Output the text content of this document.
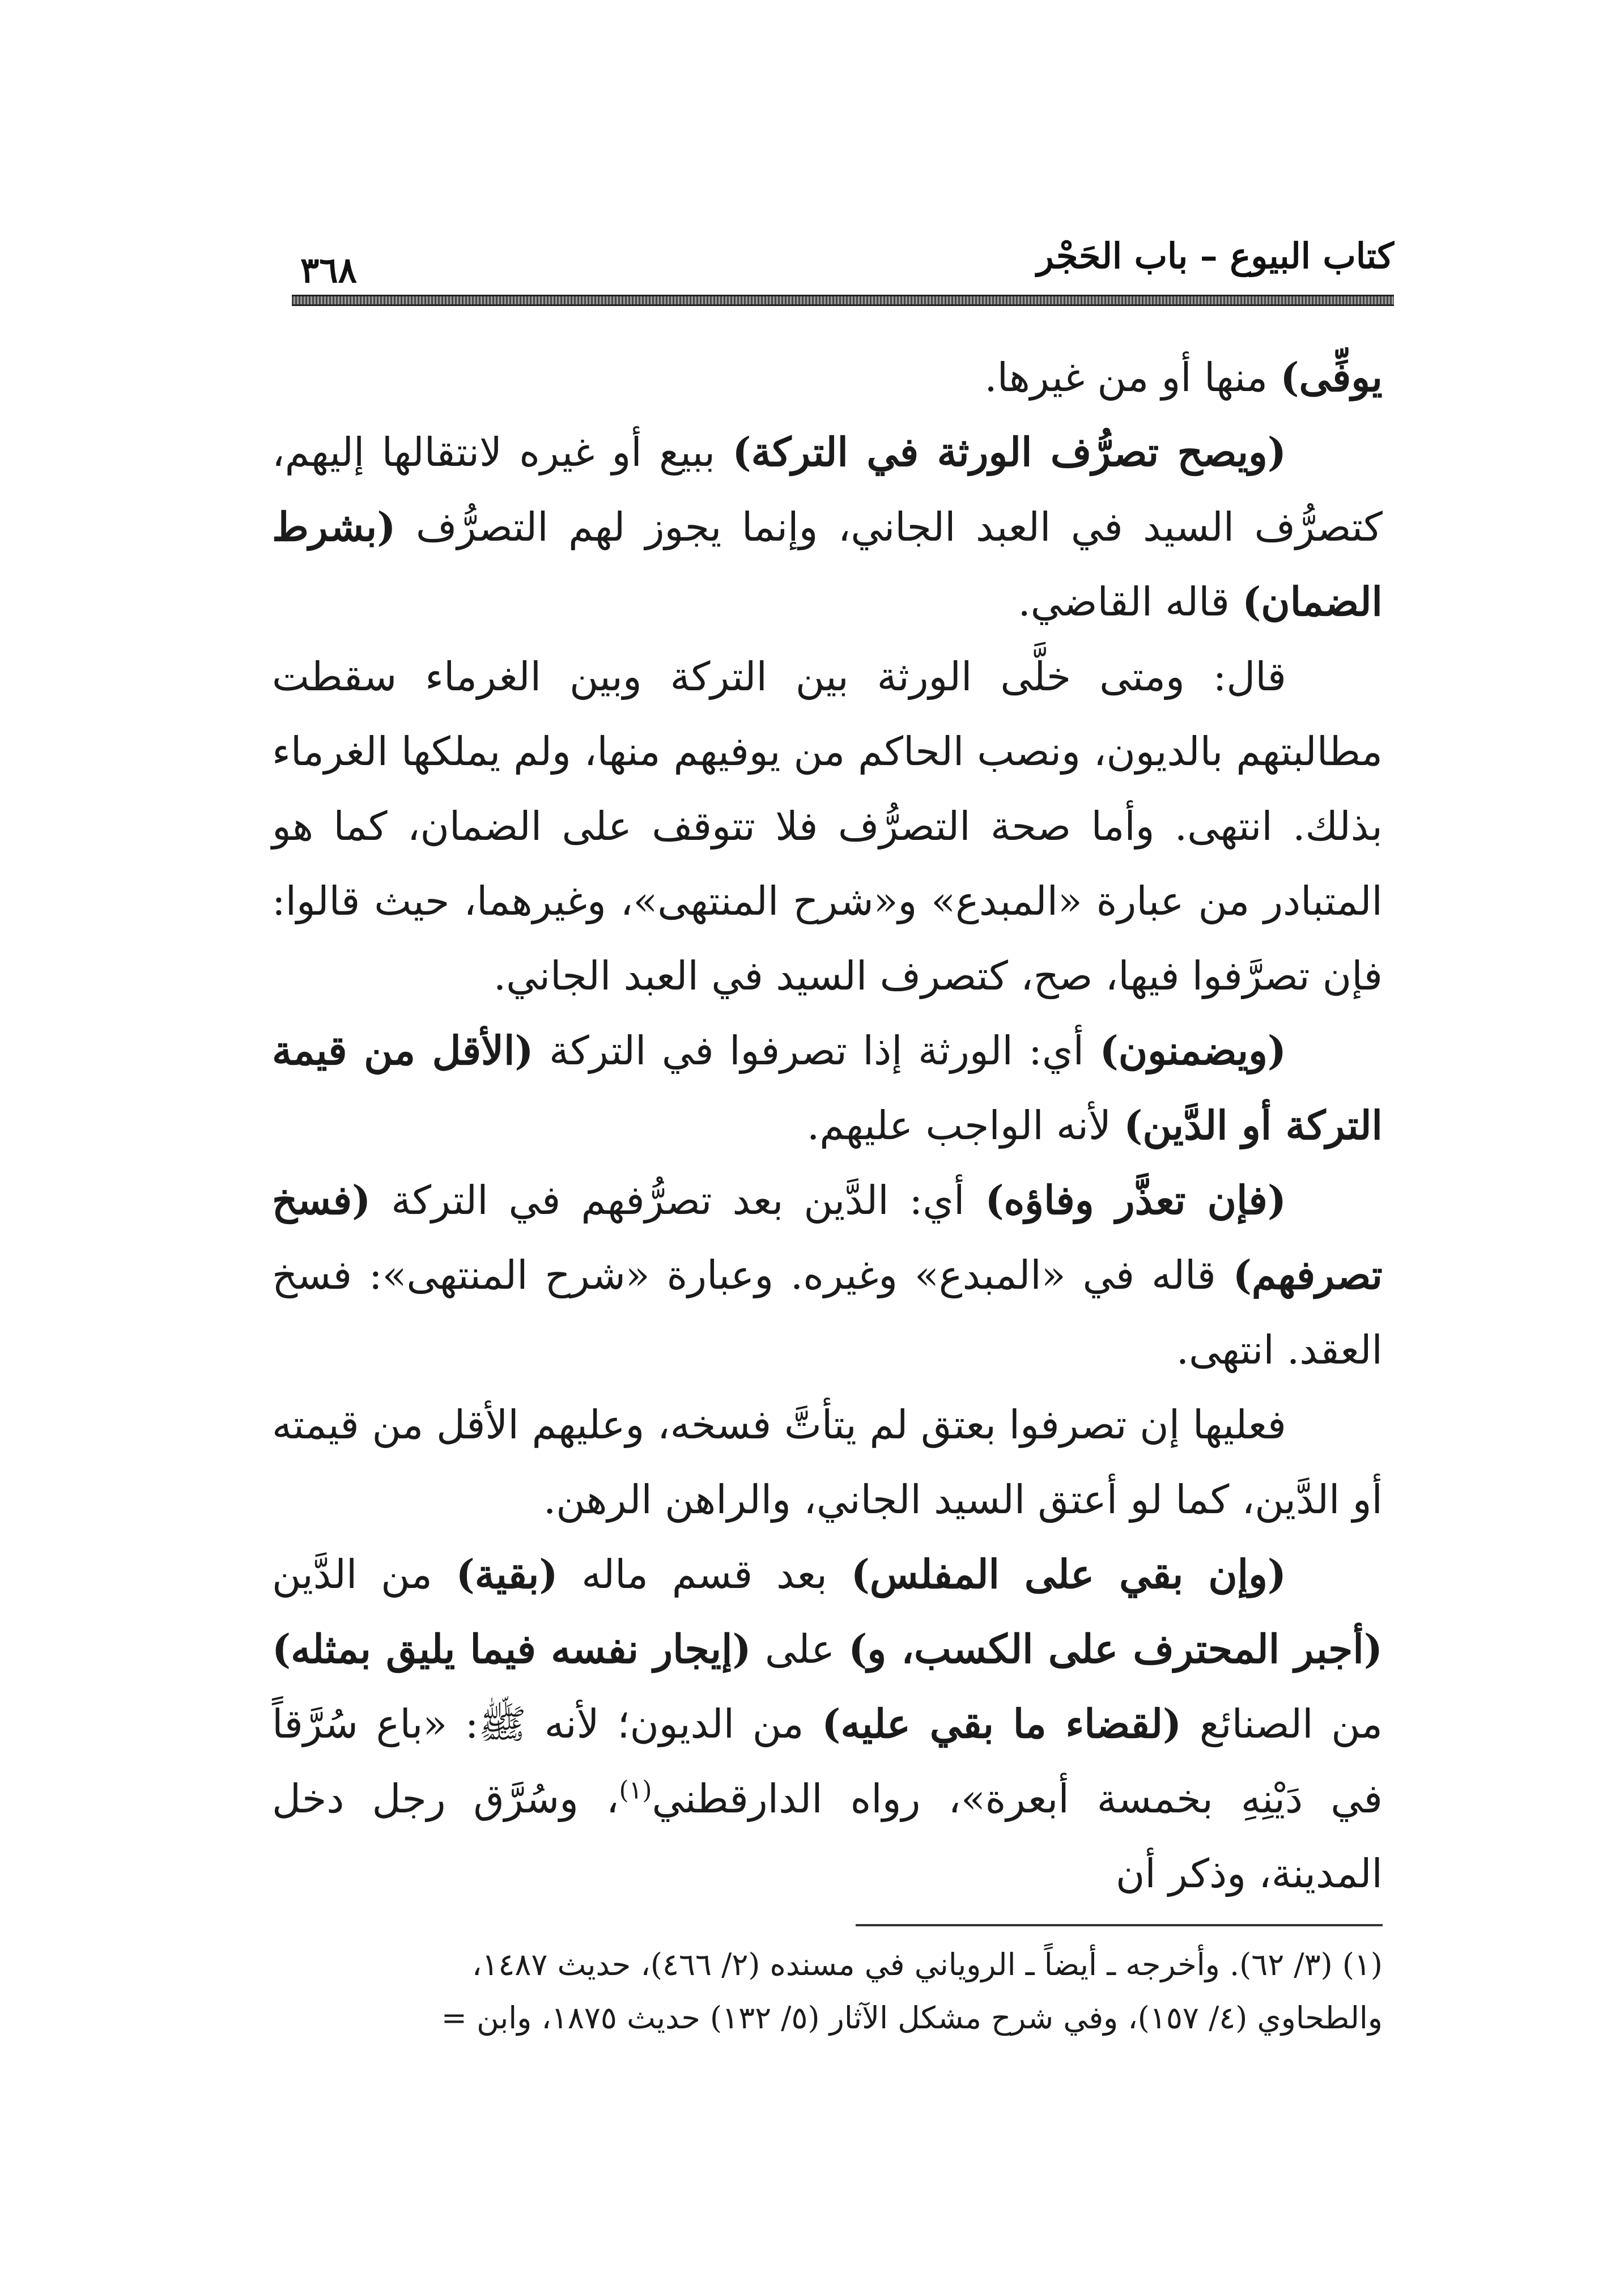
كتاب البيوع – باب الحَجْر
٣٦٨

يوفِّى) منها أو من غيرها.

(ويصح تصرُّف الورثة في التركة) ببيع أو غيره لانتقالها إليهم، كتصرُّف السيد في العبد الجاني، وإنما يجوز لهم التصرُّف (بشرط الضمان) قاله القاضي.

قال: ومتى خلَّى الورثة بين التركة وبين الغرماء سقطت مطالبتهم بالديون، ونصب الحاكم من يوفيهم منها، ولم يملكها الغرماء بذلك. انتهى. وأما صحة التصرُّف فلا تتوقف على الضمان، كما هو المتبادر من عبارة «المبدع» و«شرح المنتهى»، وغيرهما، حيث قالوا: فإن تصرَّفوا فيها، صح، كتصرف السيد في العبد الجاني.

(ويضمنون) أي: الورثة إذا تصرفوا في التركة (الأقل من قيمة التركة أو الدَّين) لأنه الواجب عليهم.

(فإن تعذَّر وفاؤه) أي: الدَّين بعد تصرُّفهم في التركة (فسخ تصرفهم) قاله في «المبدع» وغيره. وعبارة «شرح المنتهى»: فسخ العقد. انتهى.

فعليها إن تصرفوا بعتق لم يتأتَّ فسخه، وعليهم الأقل من قيمته أو الدَّين، كما لو أعتق السيد الجاني، والراهن الرهن.

(وإن بقي على المفلس) بعد قسم ماله (بقية) من الدَّين (أجبر المحترف على الكسب، و) على (إيجار نفسه فيما يليق بمثله) من الصنائع (لقضاء ما بقي عليه) من الديون؛ لأنه ﷺ: «باع سُرَّقاً في دَيْنِهِ بخمسة أبعرة»، رواه الدارقطني$^{(١)}$، وسُرَّق رجل دخل المدينة، وذكر أن

(١) (٣/ ٦٢). وأخرجه ـ أيضاً ـ الروياني في مسنده (٢/ ٤٦٦)، حديث ١٤٨٧،

والطحاوي (٤/ ١٥٧)، وفي شرح مشكل الآثار (٥/ ١٣٢) حديث ١٨٧٥، وابن =
